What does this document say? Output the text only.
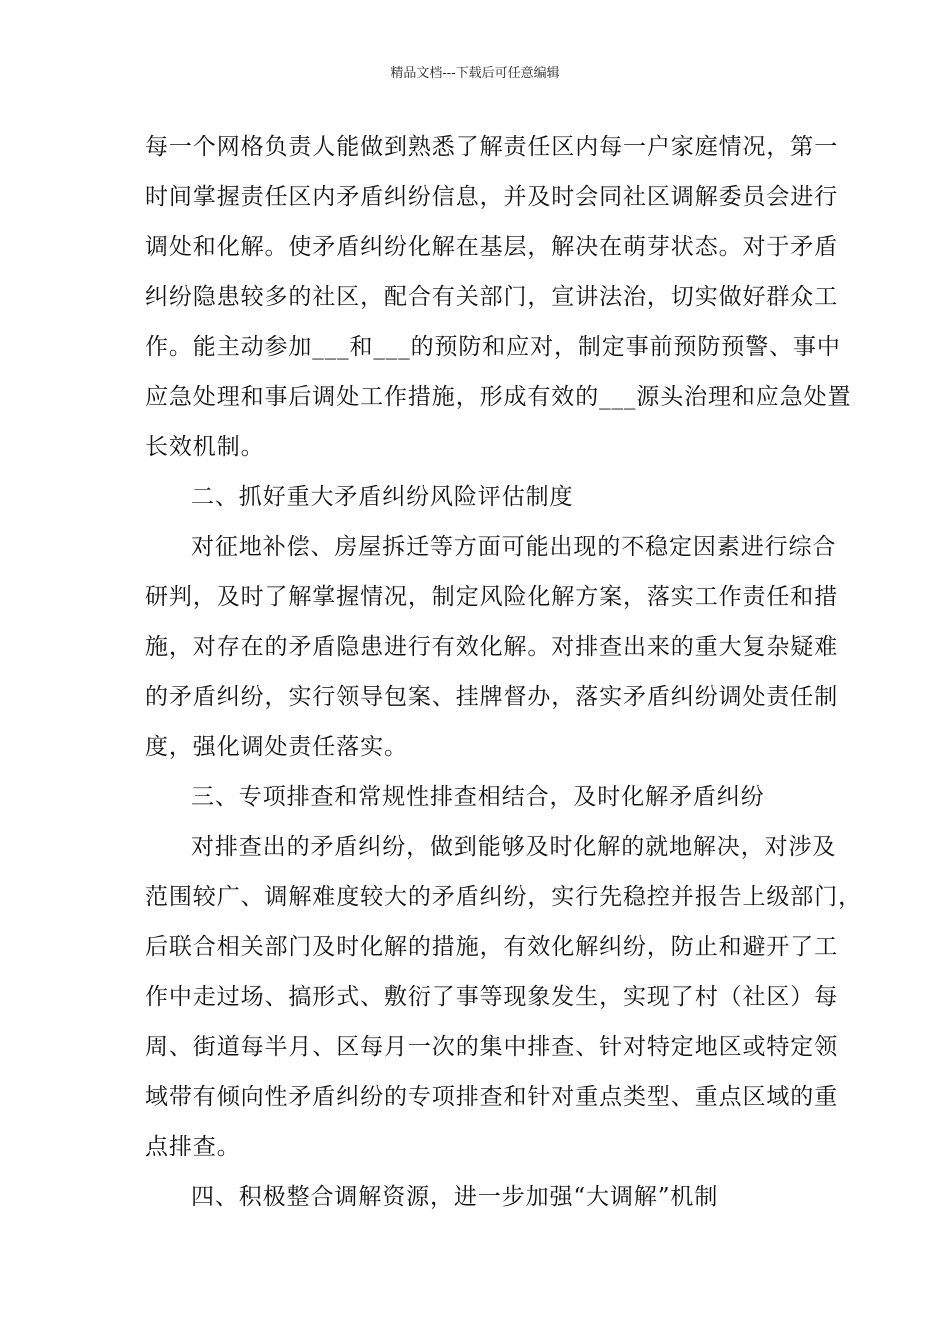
精品文档---下载后可任意编辑
每一个网格负责人能做到熟悉了解责任区内每一户家庭情况，第一
时间掌握责任区内矛盾纠纷信息，并及时会同社区调解委员会进行
调处和化解。使矛盾纠纷化解在基层，解决在萌芽状态。对于矛盾
纠纷隐患较多的社区，配合有关部门，宣讲法治，切实做好群众工
作。能主动参加___和___的预防和应对，制定事前预防预警、事中
应急处理和事后调处工作措施，形成有效的___源头治理和应急处置
长效机制。
二、抓好重大矛盾纠纷风险评估制度
对征地补偿、房屋拆迁等方面可能出现的不稳定因素进行综合
研判，及时了解掌握情况，制定风险化解方案，落实工作责任和措
施，对存在的矛盾隐患进行有效化解。对排查出来的重大复杂疑难
的矛盾纠纷，实行领导包案、挂牌督办，落实矛盾纠纷调处责任制
度，强化调处责任落实。
三、专项排查和常规性排查相结合，及时化解矛盾纠纷
对排查出的矛盾纠纷，做到能够及时化解的就地解决，对涉及
范围较广、调解难度较大的矛盾纠纷，实行先稳控并报告上级部门，
后联合相关部门及时化解的措施，有效化解纠纷，防止和避开了工
作中走过场、搞形式、敷衍了事等现象发生，实现了村（社区）每
周、街道每半月、区每月一次的集中排查、针对特定地区或特定领
域带有倾向性矛盾纠纷的专项排查和针对重点类型、重点区域的重
点排查。
四、积极整合调解资源，进一步加强“大调解”机制
